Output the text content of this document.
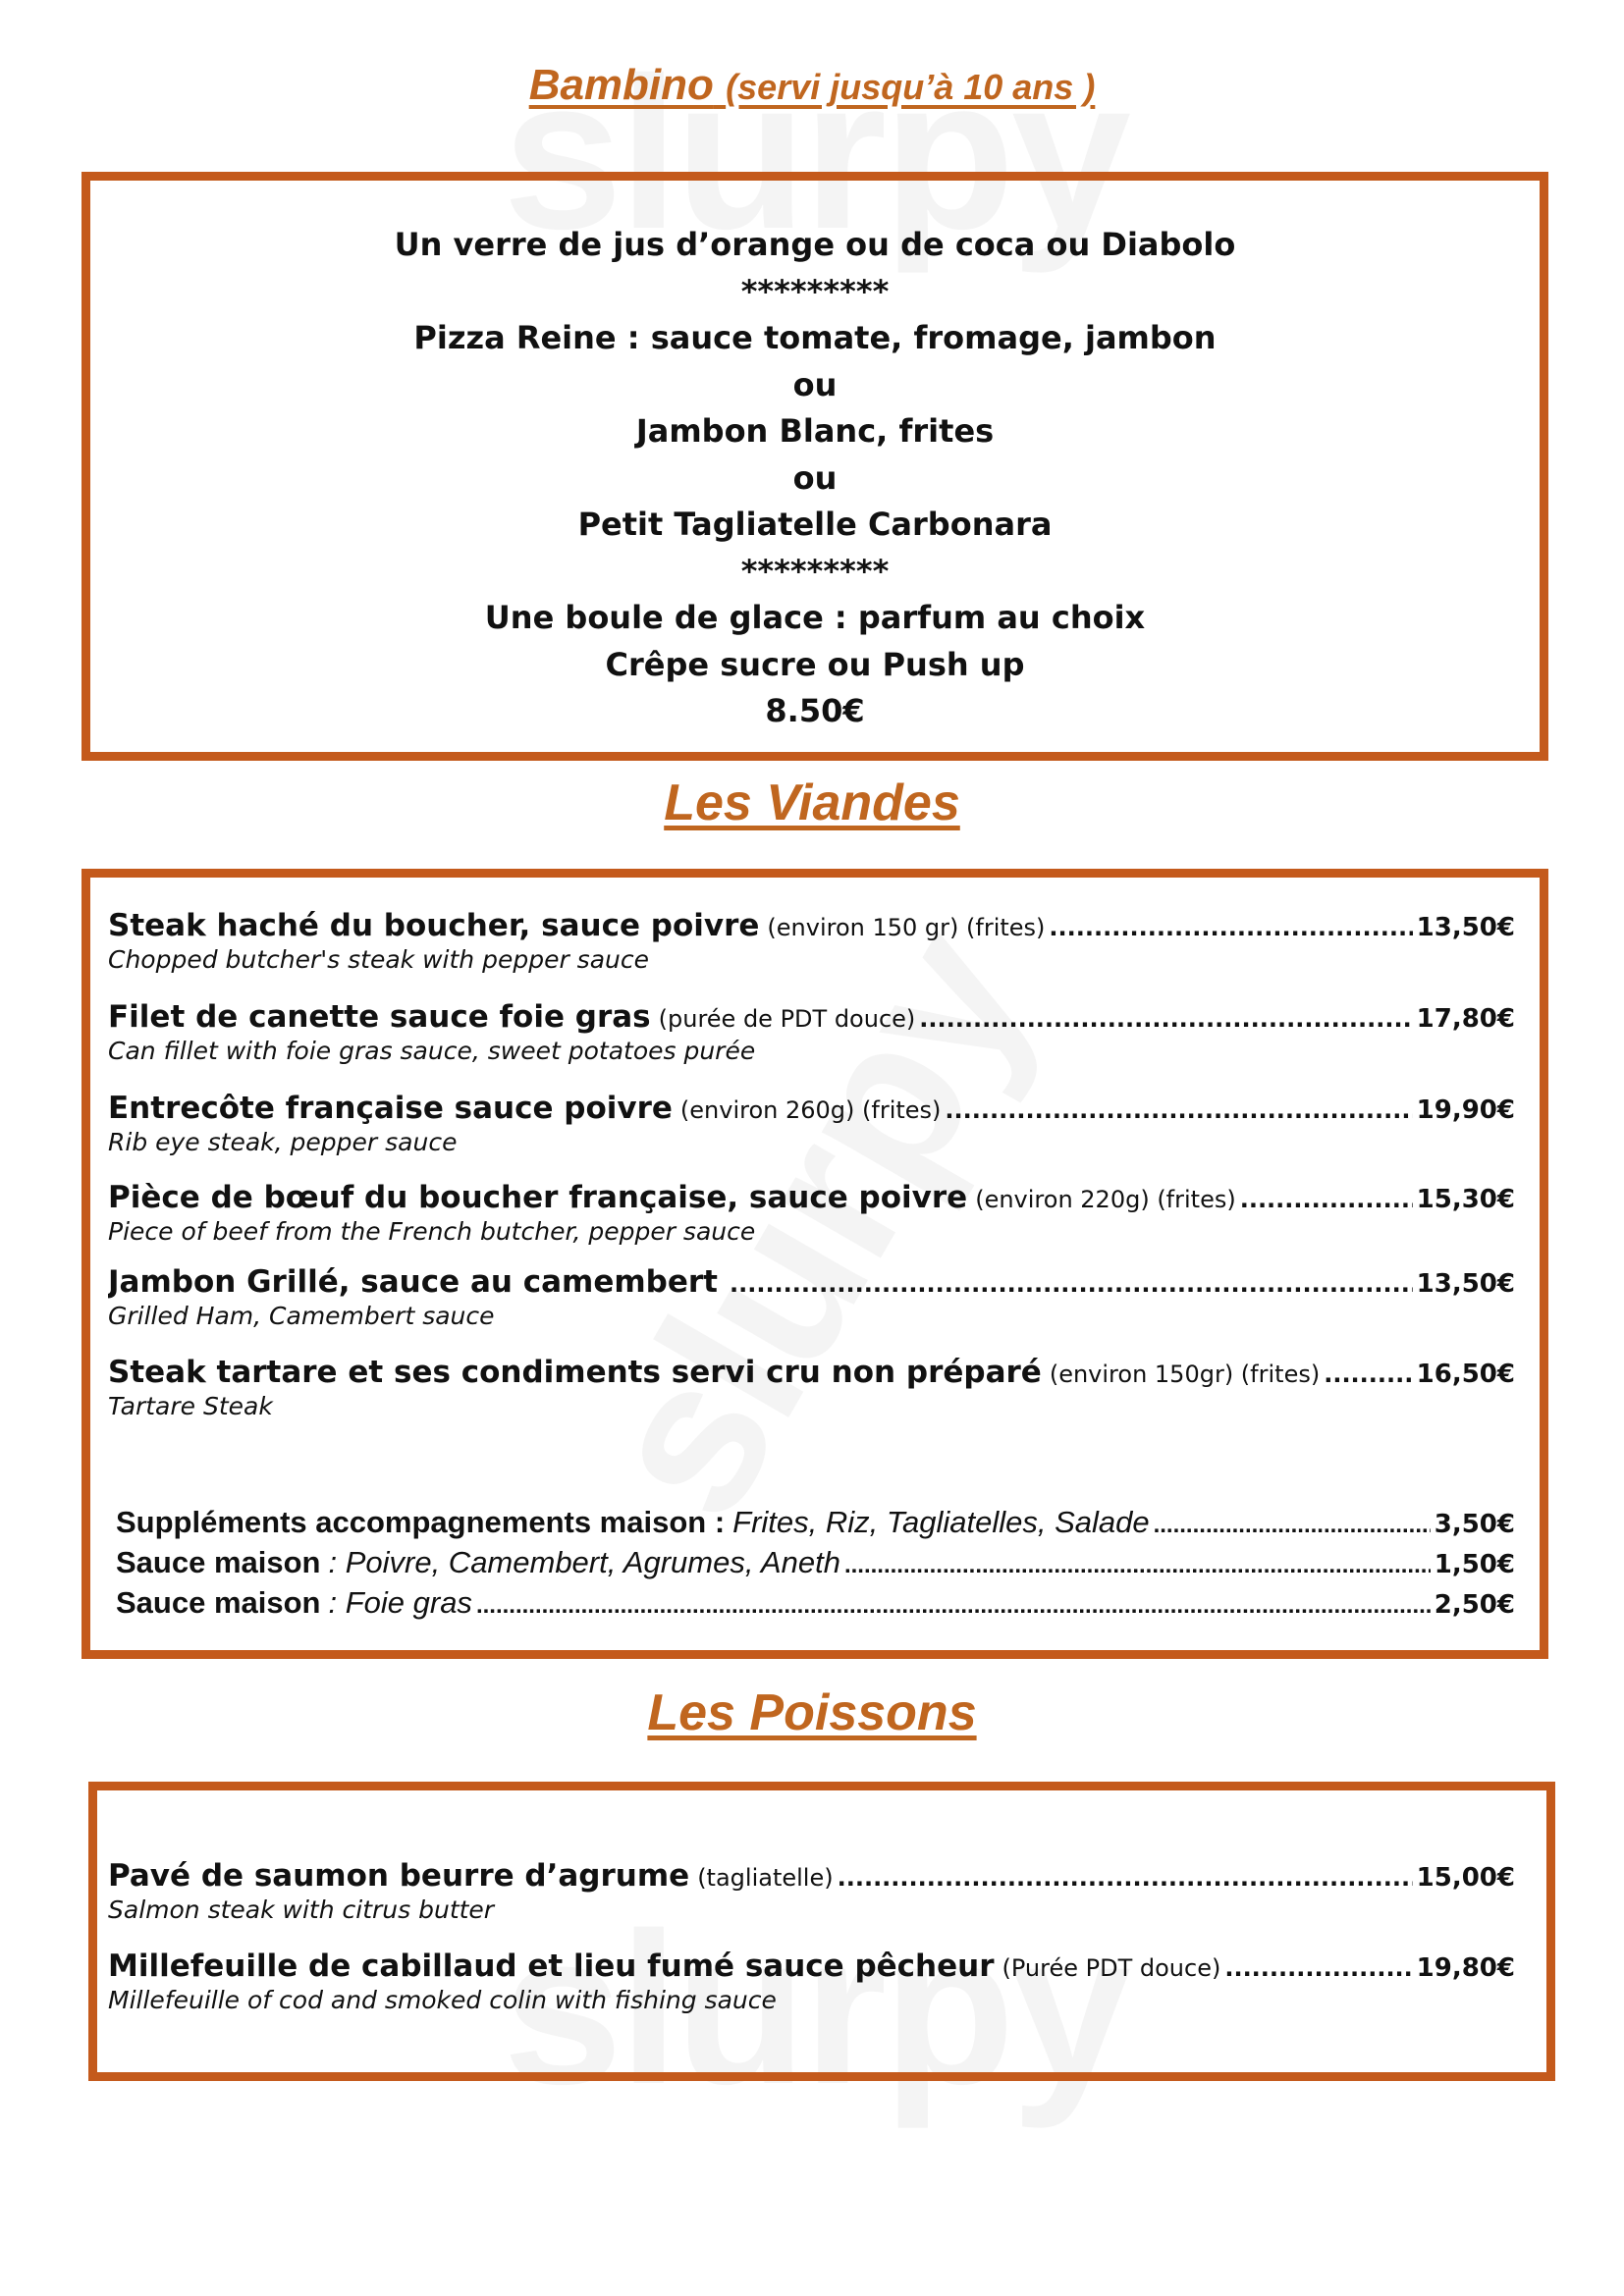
Bambino (servi jusqu’à 10 ans )
Un verre de jus d’orange ou de coca ou Diabolo
*********
Pizza Reine : sauce tomate, fromage, jambon
ou
Jambon Blanc, frites
ou
Petit Tagliatelle Carbonara
*********
Une boule de glace : parfum au choix
Crêpe sucre ou Push up
8.50€
Les Viandes
Steak haché du boucher, sauce poivre (environ 150 gr) (frites) .....	13,50€
Chopped butcher's steak with pepper sauce
Filet de canette sauce foie gras (purée de PDT douce) .....	17,80€
Can fillet with foie gras sauce, sweet potatoes purée
Entrecôte française sauce poivre (environ 260g) (frites) .....	19,90€
Rib eye steak, pepper sauce
Pièce de bœuf du boucher française, sauce poivre (environ 220g) (frites) .....	15,30€
Piece of beef from the French butcher, pepper sauce
Jambon Grillé, sauce au camembert .....	13,50€
Grilled Ham, Camembert sauce
Steak tartare et ses condiments servi cru non préparé (environ 150gr) (frites) .....	16,50€
Tartare Steak
Suppléments accompagnements maison : Frites, Riz, Tagliatelles, Salade .....	3,50€
Sauce maison : Poivre, Camembert, Agrumes, Aneth .....	1,50€
Sauce maison : Foie gras .....	2,50€
Les Poissons
Pavé de saumon beurre d’agrume (tagliatelle) .....	15,00€
Salmon steak with citrus butter
Millefeuille de cabillaud et lieu fumé sauce pêcheur (Purée PDT douce) .....	19,80€
Millefeuille of cod and smoked colin with fishing sauce
